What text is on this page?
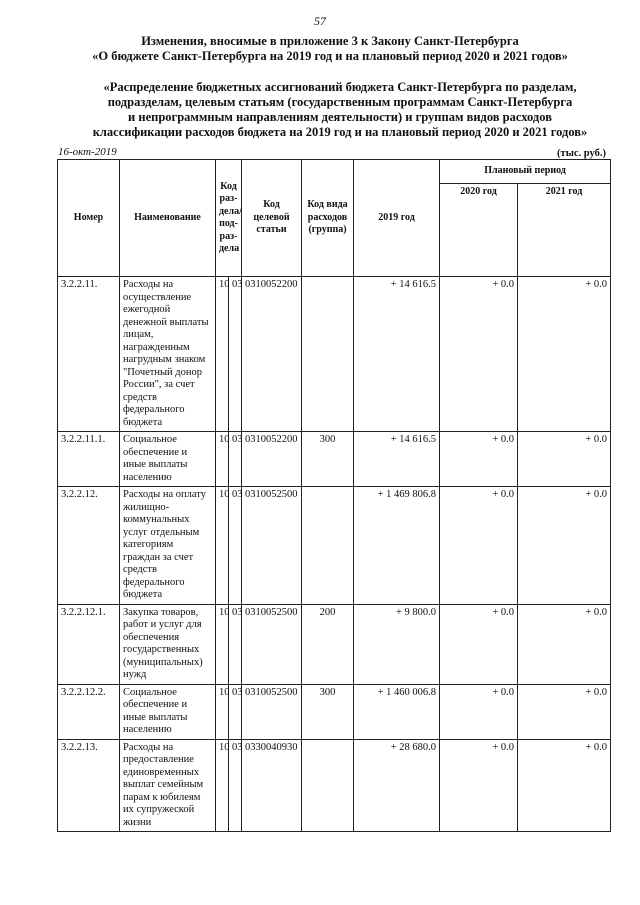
57
Изменения, вносимые в приложение 3 к Закону Санкт-Петербурга
«О бюджете Санкт-Петербурга на 2019 год и на плановый период 2020 и 2021 годов»
«Распределение бюджетных ассигнований бюджета Санкт-Петербурга по разделам,
подразделам, целевым статьям (государственным программам Санкт-Петербурга
и непрограммным направлениям деятельности) и группам видов расходов
классификации расходов бюджета на 2019 год и на плановый период 2020 и 2021 годов»
16-окт-2019	(тыс. руб.)
Номер	Наименование	Код раз-дела/ под-раз-дела		Код целевой статьи	Код вида расходов (группа)	2019 год	Плановый период	
							2020 год	2021 год
3.2.2.11.	Расходы на осуществление ежегодной денежной выплаты лицам, награжденным нагрудным знаком "Почетный донор России", за счет средств федерального бюджета	10	03	0310052200		+ 14 616.5	+ 0.0	+ 0.0
3.2.2.11.1.	Социальное обеспечение и иные выплаты населению	10	03	0310052200	300	+ 14 616.5	+ 0.0	+ 0.0
3.2.2.12.	Расходы на оплату жилищно-коммунальных услуг отдельным категориям граждан за счет средств федерального бюджета	10	03	0310052500		+ 1 469 806.8	+ 0.0	+ 0.0
3.2.2.12.1.	Закупка товаров, работ и услуг для обеспечения государственных (муниципальных) нужд	10	03	0310052500	200	+ 9 800.0	+ 0.0	+ 0.0
3.2.2.12.2.	Социальное обеспечение и иные выплаты населению	10	03	0310052500	300	+ 1 460 006.8	+ 0.0	+ 0.0
3.2.2.13.	Расходы на предоставление единовременных выплат семейным парам к юбилеям их супружеской жизни	10	03	0330040930		+ 28 680.0	+ 0.0	+ 0.0
